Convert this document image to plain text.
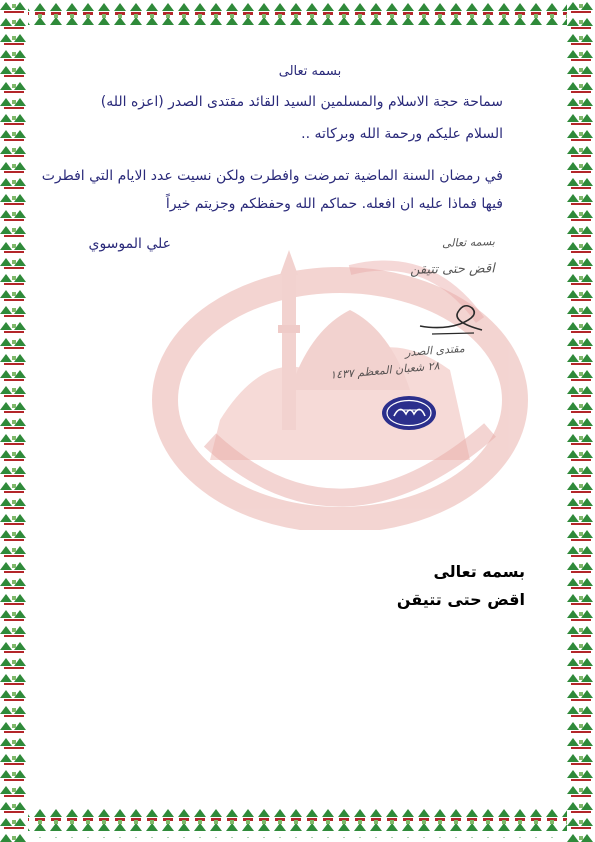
بسمه تعالى
سماحة حجة الاسلام والمسلمين السيد القائد مقتدى الصدر (اعزه الله)
السلام عليكم ورحمة الله وبركاته ..
في رمضان السنة الماضية تمرضت وافطرت ولكن نسيت عدد الايام التي افطرت
فيها فماذا عليه ان افعله. حماكم الله وحفظكم وجزيتم خيراً
علي الموسوي	بسمه تعالى
اقض حتى تتيقن
مقتدى الصدر
٢٨ شعبان المعظم ١٤٣٧
بسمه تعالى
اقض حتى تتيقن
